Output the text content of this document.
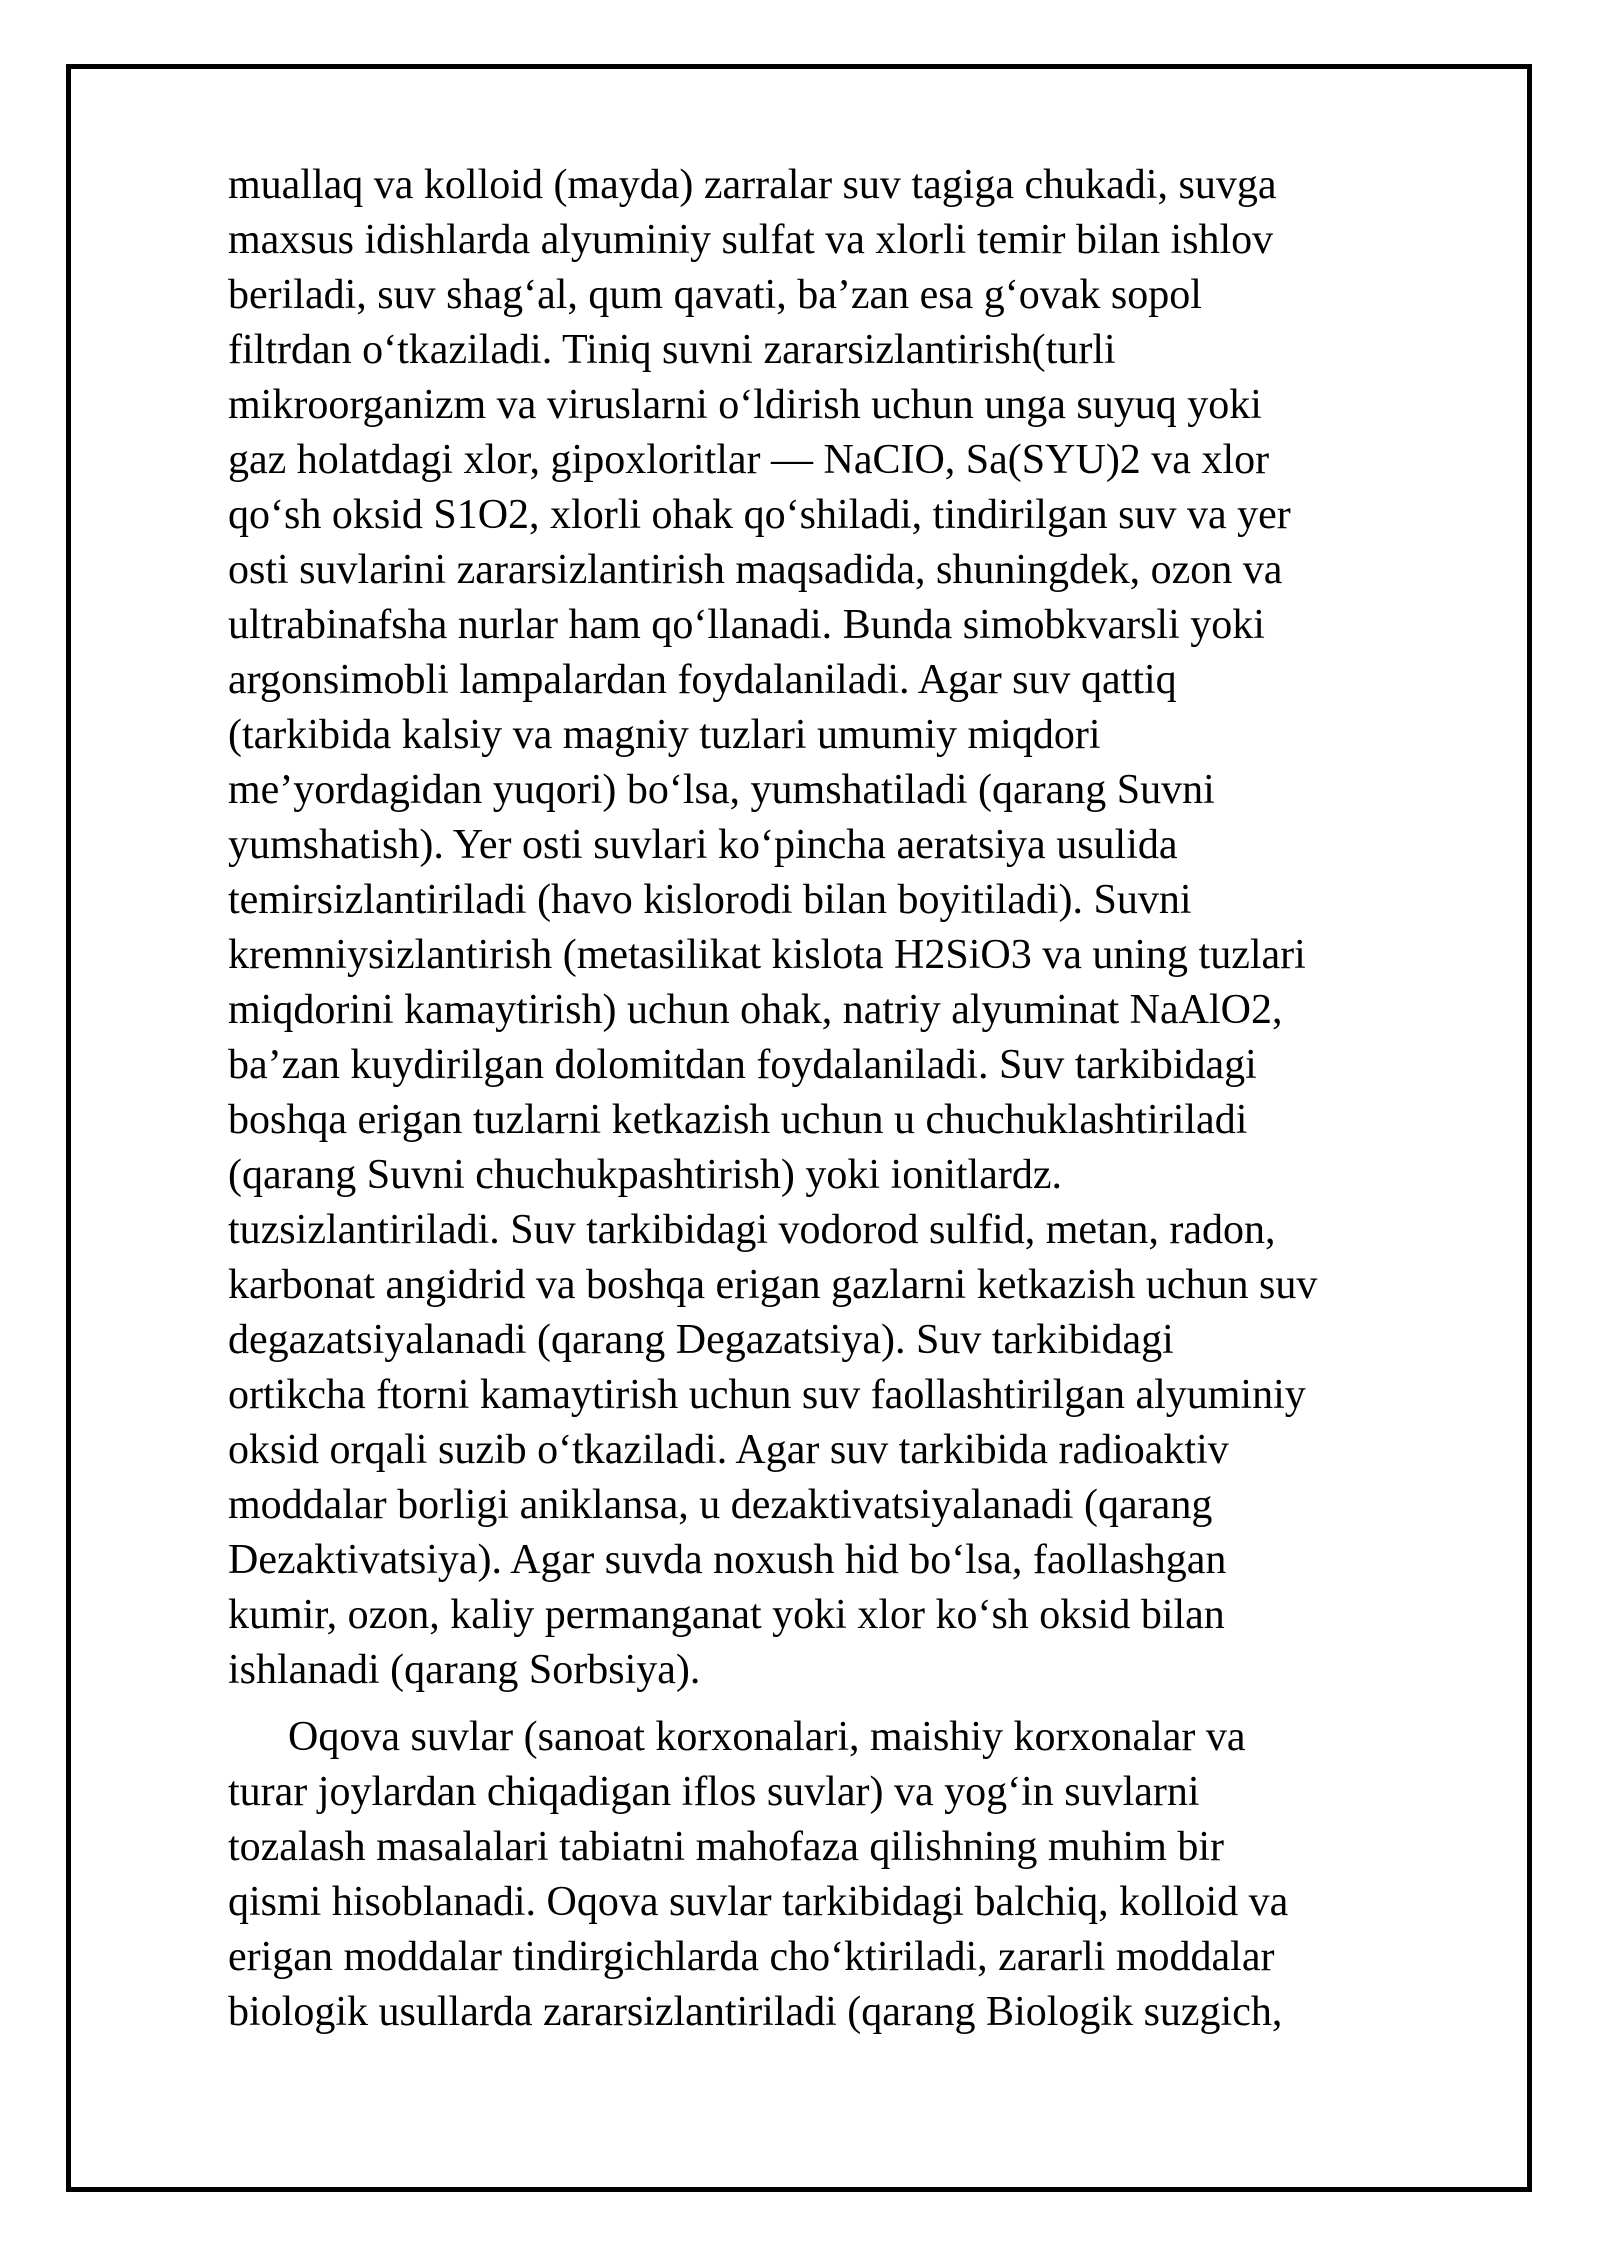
muallaq va kolloid (mayda) zarralar suv tagiga chukadi, suvga
maxsus idishlarda alyuminiy sulfat va xlorli temir bilan ishlov
beriladi, suv shagʻal, qum qavati, baʼzan esa gʻovak sopol
filtrdan oʻtkaziladi. Tiniq suvni zararsizlantirish(turli
mikroorganizm va viruslarni oʻldirish uchun unga suyuq yoki
gaz holatdagi xlor, gipoxloritlar — NaCIO, Sa(SYU)2 va xlor
qoʻsh oksid S1O2, xlorli ohak qoʻshiladi, tindirilgan suv va yer
osti suvlarini zararsizlantirish maqsadida, shuningdek, ozon va
ultrabinafsha nurlar ham qoʻllanadi. Bunda simobkvarsli yoki
argonsimobli lampalardan foydalaniladi. Agar suv qattiq
(tarkibida kalsiy va magniy tuzlari umumiy miqdori
meʼyordagidan yuqori) boʻlsa, yumshatiladi (qarang Suvni
yumshatish). Yer osti suvlari koʻpincha aeratsiya usulida
temirsizlantiriladi (havo kislorodi bilan boyitiladi). Suvni
kremniysizlantirish (metasilikat kislota H2SiO3 va uning tuzlari
miqdorini kamaytirish) uchun ohak, natriy alyuminat NaAlO2,
baʼzan kuydirilgan dolomitdan foydalaniladi. Suv tarkibidagi
boshqa erigan tuzlarni ketkazish uchun u chuchuklashtiriladi
(qarang Suvni chuchukpashtirish) yoki ionitlardz.
tuzsizlantiriladi. Suv tarkibidagi vodorod sulfid, metan, radon,
karbonat angidrid va boshqa erigan gazlarni ketkazish uchun suv
degazatsiyalanadi (qarang Degazatsiya). Suv tarkibidagi
ortikcha ftorni kamaytirish uchun suv faollashtirilgan alyuminiy
oksid orqali suzib oʻtkaziladi. Agar suv tarkibida radioaktiv
moddalar borligi aniklansa, u dezaktivatsiyalanadi (qarang
Dezaktivatsiya). Agar suvda noxush hid boʻlsa, faollashgan
kumir, ozon, kaliy permanganat yoki xlor koʻsh oksid bilan
ishlanadi (qarang Sorbsiya).
Oqova suvlar (sanoat korxonalari, maishiy korxonalar va
turar joylardan chiqadigan iflos suvlar) va yogʻin suvlarni
tozalash masalalari tabiatni mahofaza qilishning muhim bir
qismi hisoblanadi. Oqova suvlar tarkibidagi balchiq, kolloid va
erigan moddalar tindirgichlarda choʻktiriladi, zararli moddalar
biologik usullarda zararsizlantiriladi (qarang Biologik suzgich,
